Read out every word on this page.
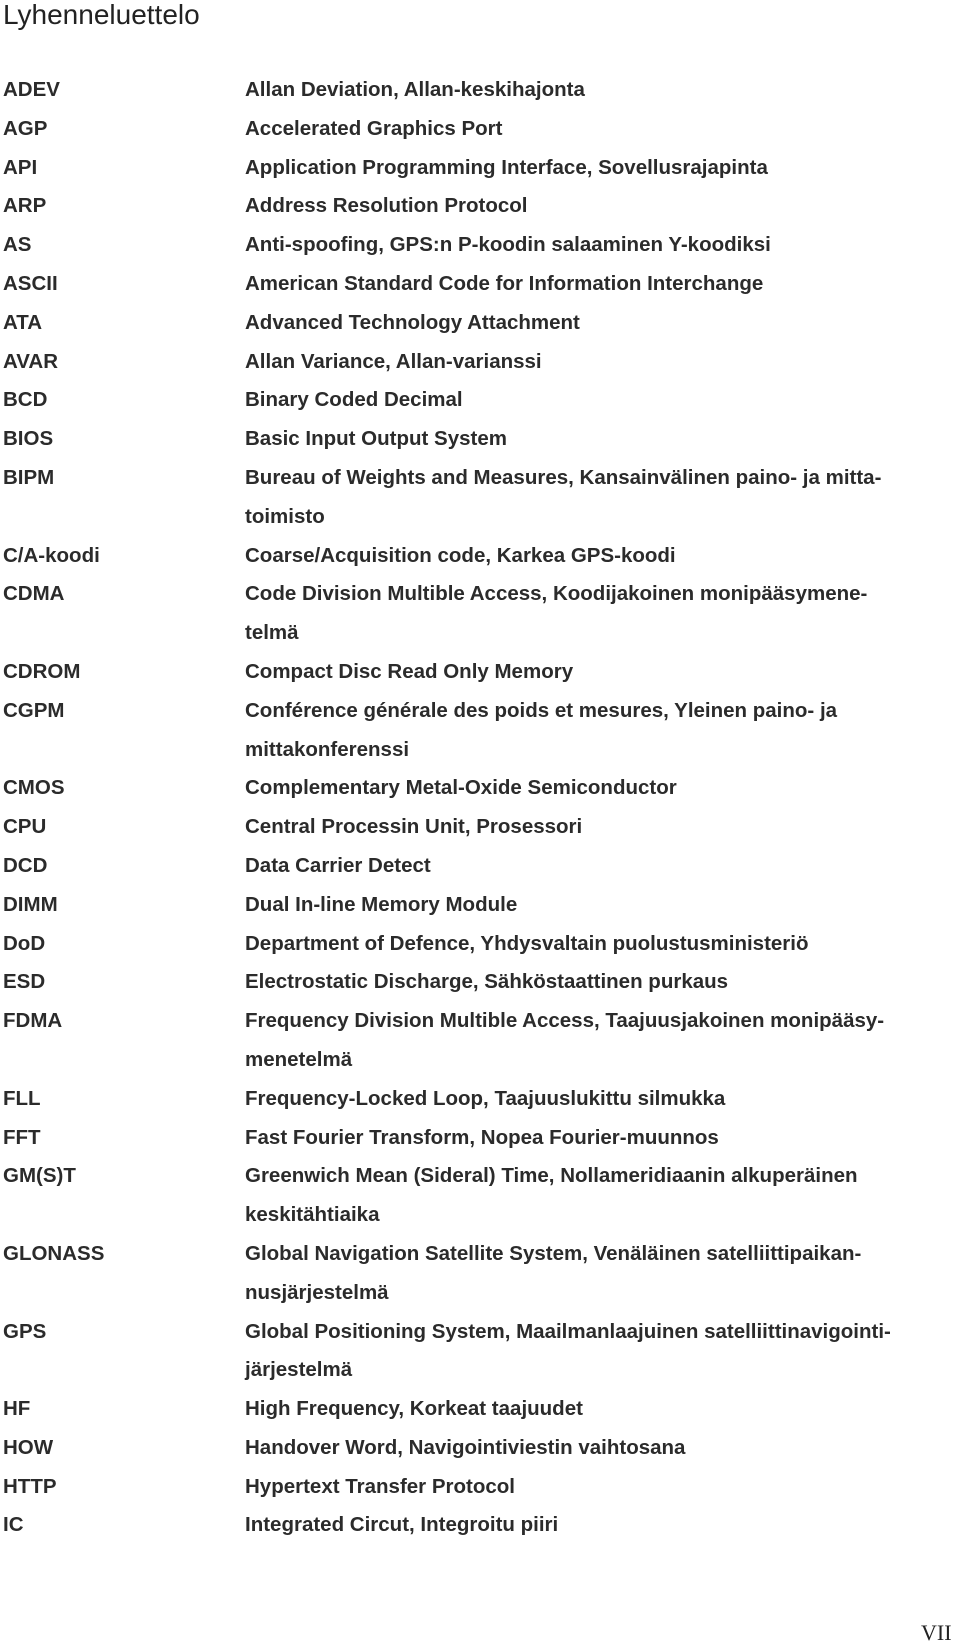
Lyhenneluettelo
ADEV	Allan Deviation, Allan-keskihajonta
AGP	Accelerated Graphics Port
API	Application Programming Interface, Sovellusrajapinta
ARP	Address Resolution Protocol
AS	Anti-spoofing, GPS:n P-koodin salaaminen Y-koodiksi
ASCII	American Standard Code for Information Interchange
ATA	Advanced Technology Attachment
AVAR	Allan Variance, Allan-varianssi
BCD	Binary Coded Decimal
BIOS	Basic Input Output System
BIPM	Bureau of Weights and Measures, Kansainvälinen paino- ja mitta-
toimisto
C/A-koodi	Coarse/Acquisition code, Karkea GPS-koodi
CDMA	Code Division Multible Access, Koodijakoinen monipääsymene-
telmä
CDROM	Compact Disc Read Only Memory
CGPM	Conférence générale des poids et mesures, Yleinen paino- ja
mittakonferenssi
CMOS	Complementary Metal-Oxide Semiconductor
CPU	Central Processin Unit, Prosessori
DCD	Data Carrier Detect
DIMM	Dual In-line Memory Module
DoD	Department of Defence, Yhdysvaltain puolustusministeriö
ESD	Electrostatic Discharge, Sähköstaattinen purkaus
FDMA	Frequency Division Multible Access, Taajuusjakoinen monipääsy-
menetelmä
FLL	Frequency-Locked Loop, Taajuuslukittu silmukka
FFT	Fast Fourier Transform, Nopea Fourier-muunnos
GM(S)T	Greenwich Mean (Sideral) Time, Nollameridiaanin alkuperäinen
keskitähtiaika
GLONASS	Global Navigation Satellite System, Venäläinen satelliittipaikan-
nusjärjestelmä
GPS	Global Positioning System, Maailmanlaajuinen satelliittinavigointi-
järjestelmä
HF	High Frequency, Korkeat taajuudet
HOW	Handover Word, Navigointiviestin vaihtosana
HTTP	Hypertext Transfer Protocol
IC	Integrated Circut, Integroitu piiri
VII
